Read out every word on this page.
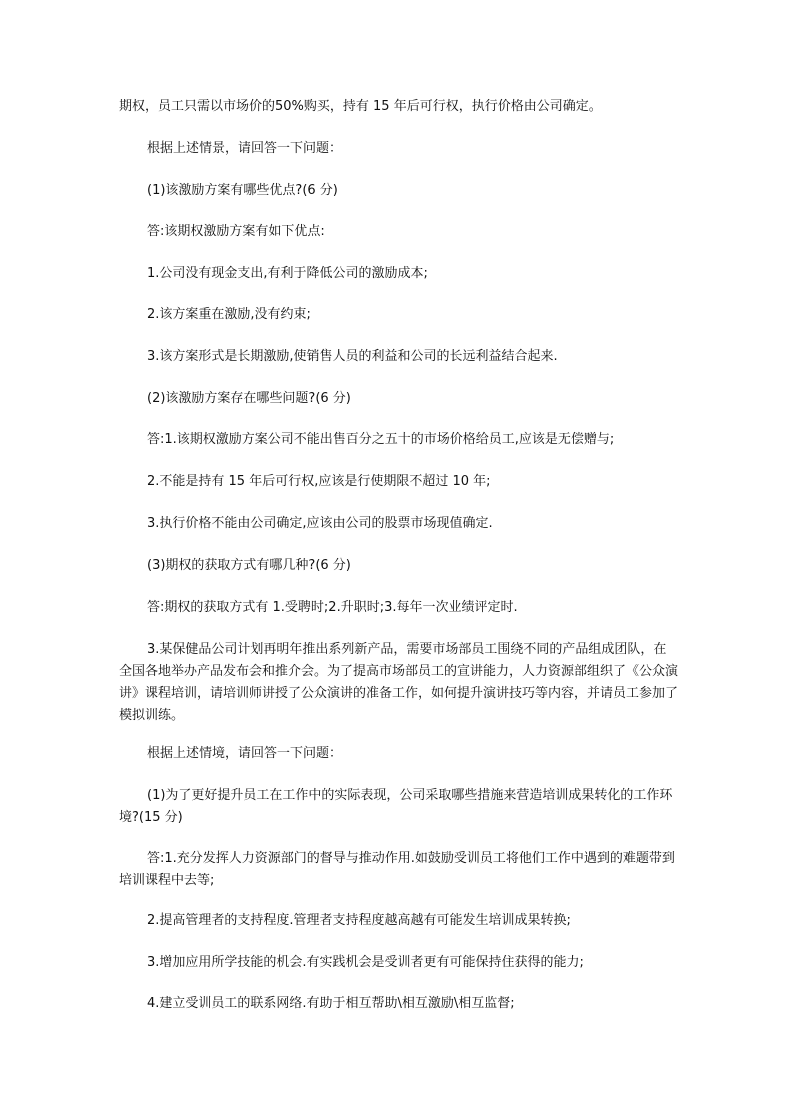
期权，员工只需以市场价的50%购买，持有 15 年后可行权，执行价格由公司确定。
根据上述情景，请回答一下问题：
(1)该激励方案有哪些优点?(6 分)
答:该期权激励方案有如下优点:
1.公司没有现金支出,有利于降低公司的激励成本;
2.该方案重在激励,没有约束;
3.该方案形式是长期激励,使销售人员的利益和公司的长远利益结合起来.
(2)该激励方案存在哪些问题?(6 分)
答:1.该期权激励方案公司不能出售百分之五十的市场价格给员工,应该是无偿赠与;
2.不能是持有 15 年后可行权,应该是行使期限不超过 10 年;
3.执行价格不能由公司确定,应该由公司的股票市场现值确定.
(3)期权的获取方式有哪几种?(6 分)
答:期权的获取方式有 1.受聘时;2.升职时;3.每年一次业绩评定时.
3.某保健品公司计划再明年推出系列新产品，需要市场部员工围绕不同的产品组成团队，在全国各地举办产品发布会和推介会。为了提高市场部员工的宣讲能力，人力资源部组织了《公众演讲》课程培训，请培训师讲授了公众演讲的准备工作，如何提升演讲技巧等内容，并请员工参加了模拟训练。
根据上述情境，请回答一下问题：
(1)为了更好提升员工在工作中的实际表现，公司采取哪些措施来营造培训成果转化的工作环境?(15 分)
答:1.充分发挥人力资源部门的督导与推动作用.如鼓励受训员工将他们工作中遇到的难题带到培训课程中去等;
2.提高管理者的支持程度.管理者支持程度越高越有可能发生培训成果转换;
3.增加应用所学技能的机会.有实践机会是受训者更有可能保持住获得的能力;
4.建立受训员工的联系网络.有助于相互帮助\相互激励\相互监督;
